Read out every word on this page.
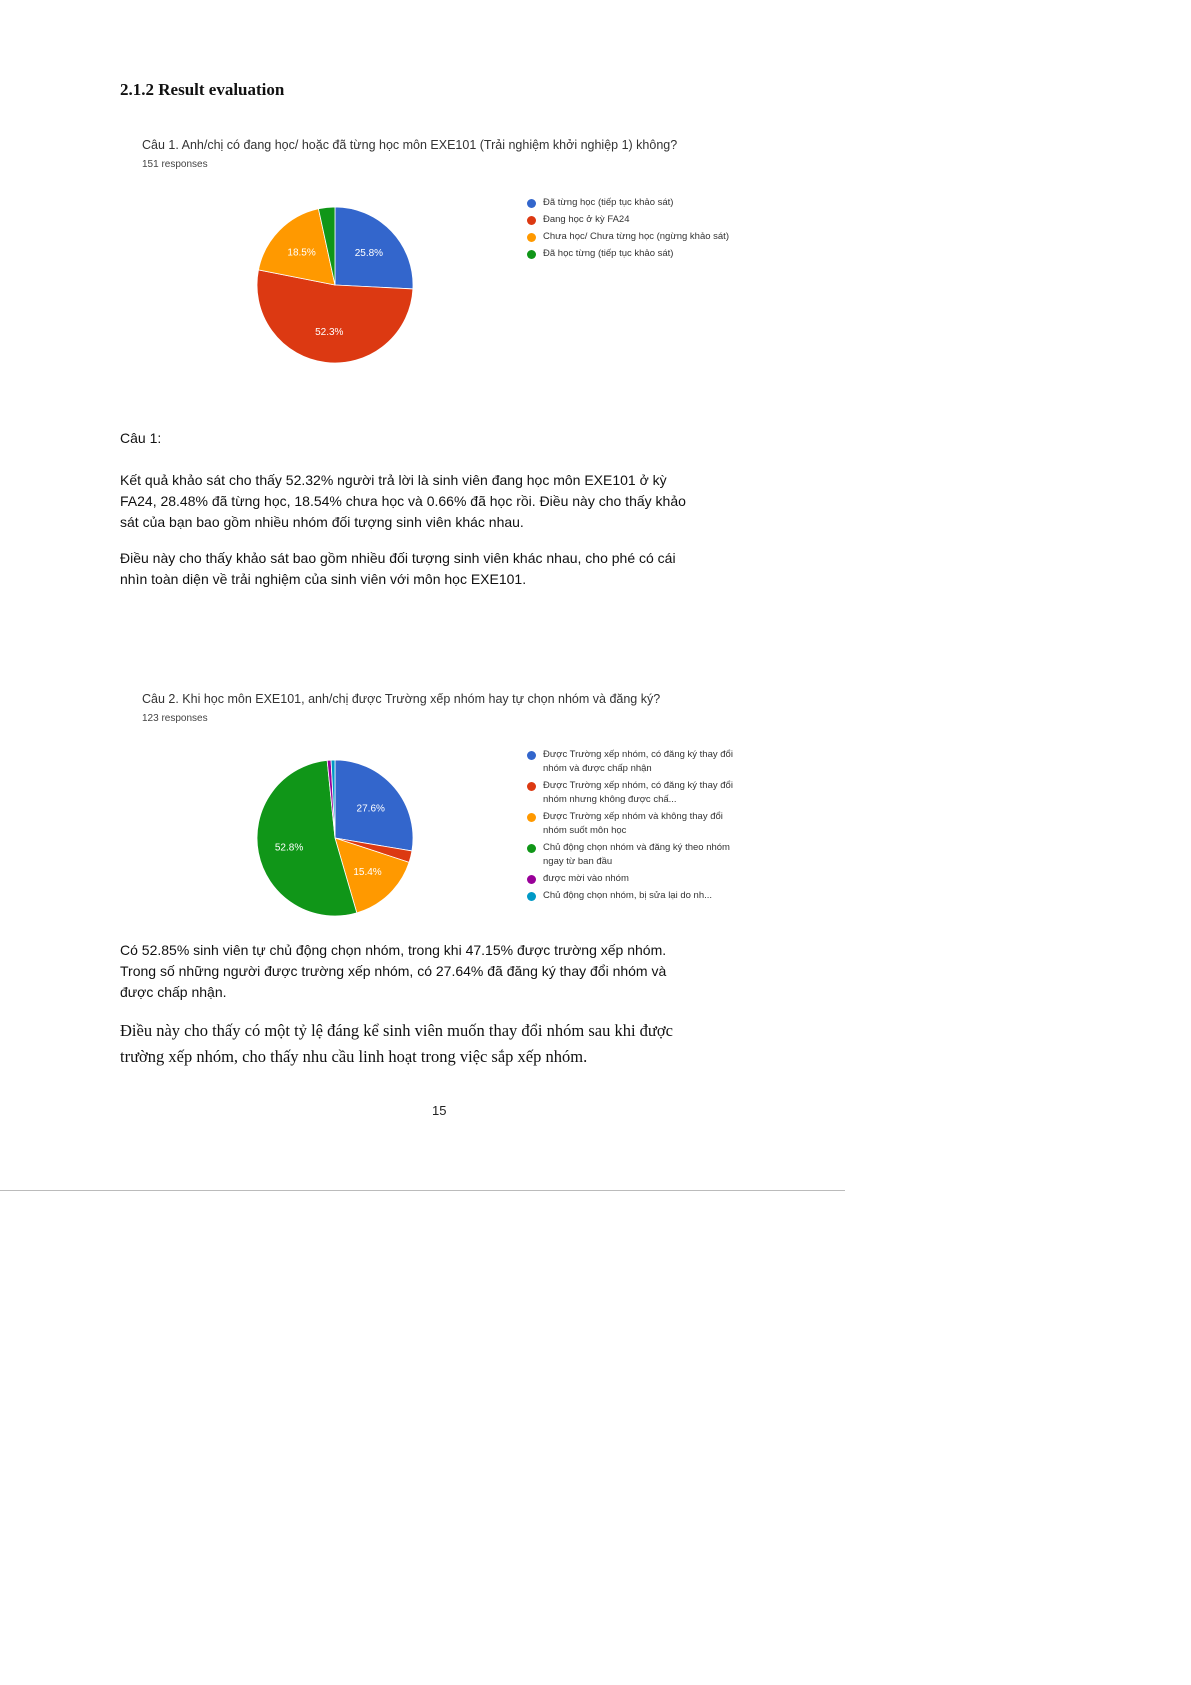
2.1.2 Result evaluation
Câu 1. Anh/chị có đang học/ hoặc đã từng học môn EXE101 (Trải nghiệm khởi nghiệp 1) không?
151 responses
25.8%
52.3%
18.5%
Đã từng học (tiếp tục khảo sát)
Đang học ở kỳ FA24
Chưa học/ Chưa từng học (ngừng khảo sát)
Đã học từng (tiếp tục khảo sát)
Câu 1:
Kết quả khảo sát cho thấy 52.32% người trả lời là sinh viên đang học môn EXE101 ở kỳ
FA24, 28.48% đã từng học, 18.54% chưa học và 0.66% đã học rồi. Điều này cho thấy khảo
sát của bạn bao gồm nhiều nhóm đối tượng sinh viên khác nhau.
Điều này cho thấy khảo sát bao gồm nhiều đối tượng sinh viên khác nhau, cho phé có cái
nhìn toàn diện về trải nghiệm của sinh viên với môn học EXE101.
Câu 2. Khi học môn EXE101, anh/chị được Trường xếp nhóm hay tự chọn nhóm và đăng ký?
123 responses
27.6%
15.4%
52.8%
Được Trường xếp nhóm, có đăng ký thay đổi nhóm và được chấp nhận
Được Trường xếp nhóm, có đăng ký thay đổi nhóm nhưng không được chấ...
Được Trường xếp nhóm và không thay đổi nhóm suốt môn học
Chủ động chọn nhóm và đăng ký theo nhóm ngay từ ban đầu
được mời vào nhóm
Chủ động chọn nhóm, bị sửa lại do nh...
Có 52.85% sinh viên tự chủ động chọn nhóm, trong khi 47.15% được trường xếp nhóm.
Trong số những người được trường xếp nhóm, có 27.64% đã đăng ký thay đổi nhóm và
được chấp nhận.
Điều này cho thấy có một tỷ lệ đáng kể sinh viên muốn thay đổi nhóm sau khi được
trường xếp nhóm, cho thấy nhu cầu linh hoạt trong việc sắp xếp nhóm.
15
